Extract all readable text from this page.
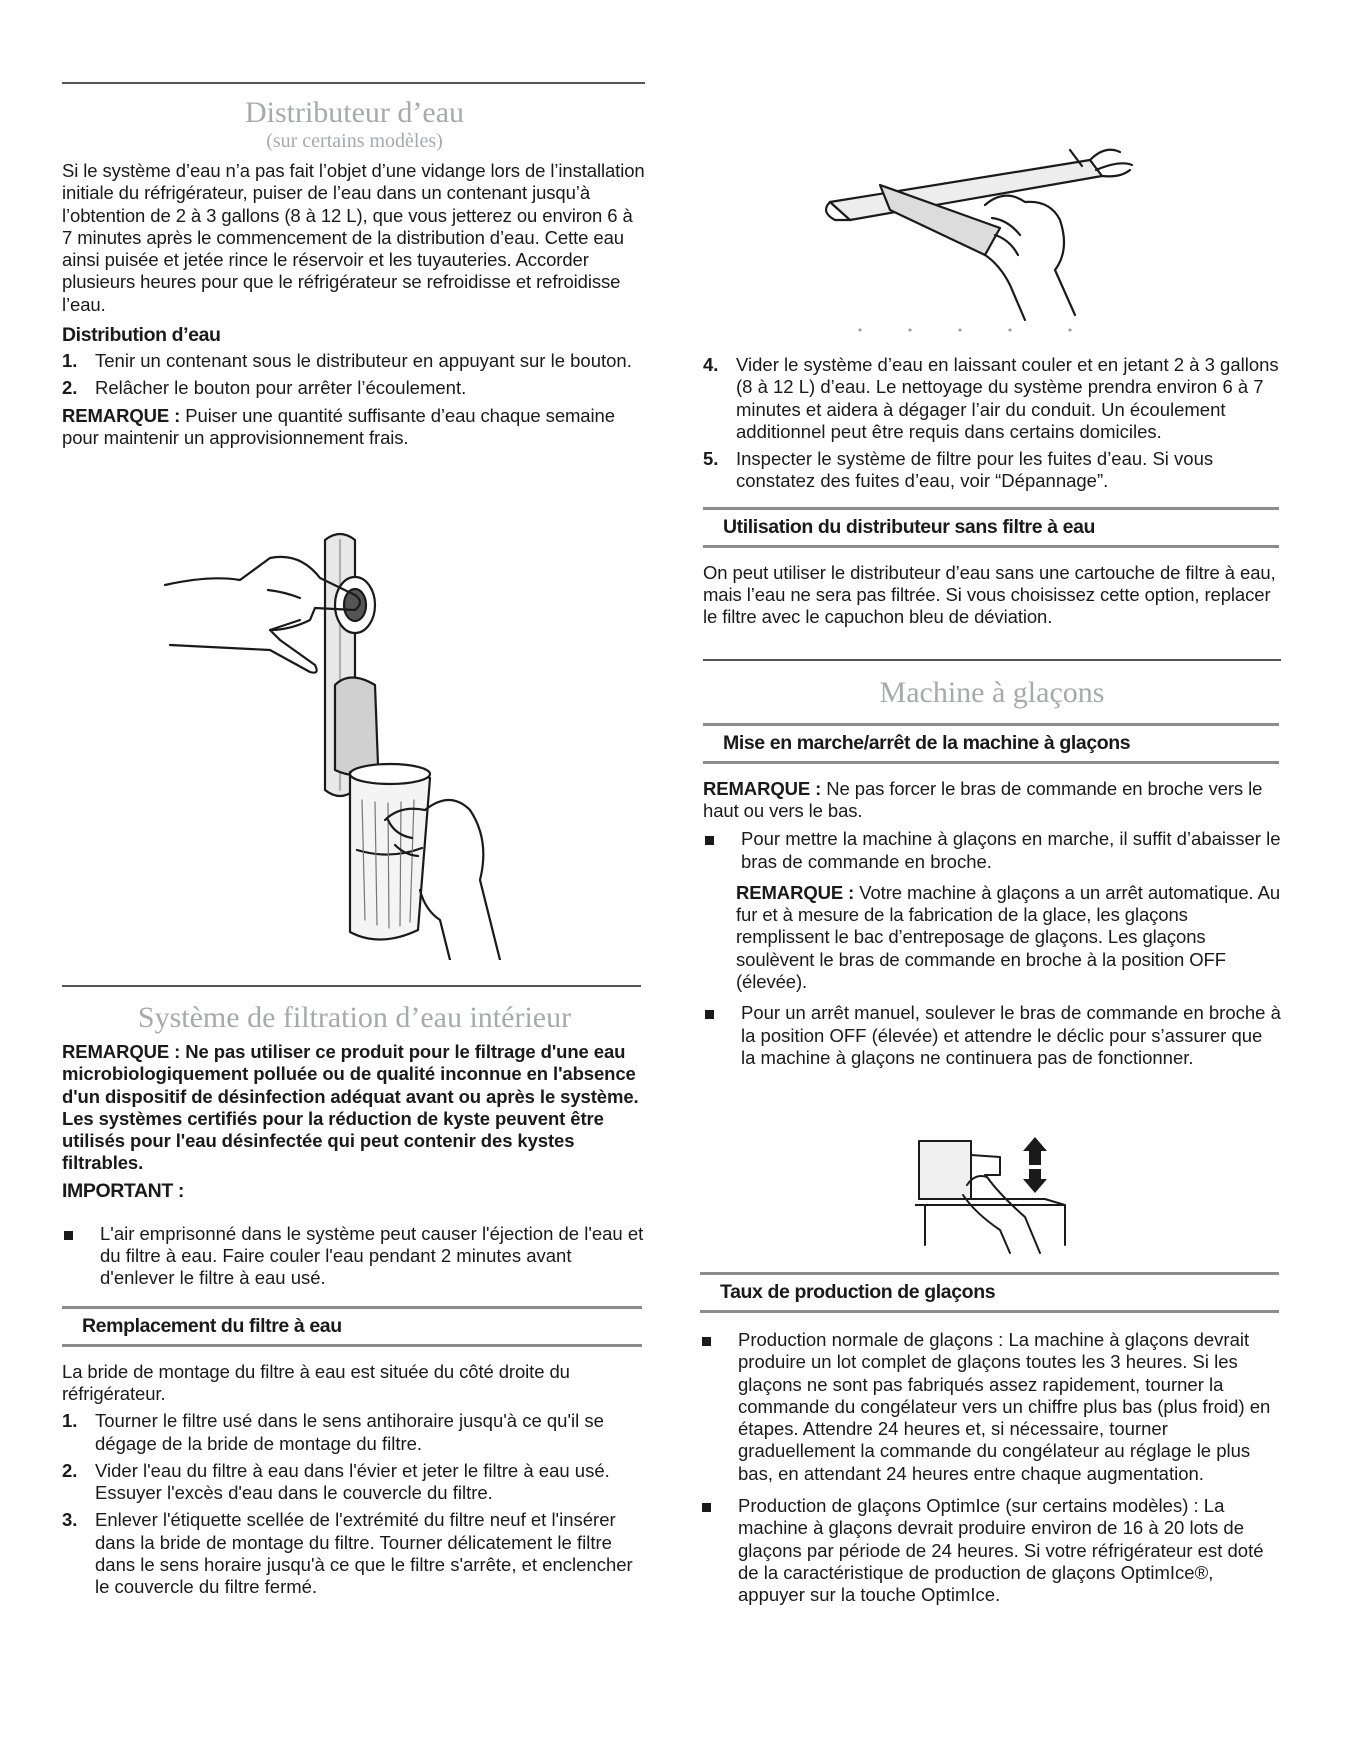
Distributeur d’eau
(sur certains modèles)

Si le système d’eau n’a pas fait l’objet d’une vidange lors de l’installation initiale du réfrigérateur, puiser de l’eau dans un contenant jusqu’à l’obtention de 2 à 3 gallons (8 à 12 L), que vous jetterez ou environ 6 à 7 minutes après le commencement de la distribution d’eau. Cette eau ainsi puisée et jetée rince le réservoir et les tuyauteries. Accorder plusieurs heures pour que le réfrigérateur se refroidisse et refroidisse l’eau.

Distribution d’eau
1. Tenir un contenant sous le distributeur en appuyant sur le bouton.
2. Relâcher le bouton pour arrêter l’écoulement.

REMARQUE : Puiser une quantité suffisante d’eau chaque semaine pour maintenir un approvisionnement frais.

Système de filtration d’eau intérieur

REMARQUE : Ne pas utiliser ce produit pour le filtrage d'une eau microbiologiquement polluée ou de qualité inconnue en l'absence d'un dispositif de désinfection adéquat avant ou après le système. Les systèmes certifiés pour la réduction de kyste peuvent être utilisés pour l'eau désinfectée qui peut contenir des kystes filtrables.

IMPORTANT :
L'air emprisonné dans le système peut causer l'éjection de l'eau et du filtre à eau. Faire couler l'eau pendant 2 minutes avant d'enlever le filtre à eau usé.
Remplacement du filtre à eau

La bride de montage du filtre à eau est située du côté droite du réfrigérateur.

1. Tourner le filtre usé dans le sens antihoraire jusqu'à ce qu'il se dégage de la bride de montage du filtre.
2. Vider l'eau du filtre à eau dans l'évier et jeter le filtre à eau usé. Essuyer l'excès d'eau dans le couvercle du filtre.
3. Enlever l'étiquette scellée de l'extrémité du filtre neuf et l'insérer dans la bride de montage du filtre. Tourner délicatement le filtre dans le sens horaire jusqu'à ce que le filtre s'arrête, et enclencher le couvercle du filtre fermé.
4. Vider le système d’eau en laissant couler et en jetant 2 à 3 gallons (8 à 12 L) d’eau. Le nettoyage du système prendra environ 6 à 7 minutes et aidera à dégager l’air du conduit. Un écoulement additionnel peut être requis dans certains domiciles.
5. Inspecter le système de filtre pour les fuites d’eau. Si vous constatez des fuites d’eau, voir “Dépannage”.
Utilisation du distributeur sans filtre à eau

On peut utiliser le distributeur d’eau sans une cartouche de filtre à eau, mais l’eau ne sera pas filtrée. Si vous choisissez cette option, replacer le filtre avec le capuchon bleu de déviation.

Machine à glaçons
Mise en marche/arrêt de la machine à glaçons

REMARQUE : Ne pas forcer le bras de commande en broche vers le haut ou vers le bas.

Pour mettre la machine à glaçons en marche, il suffit d’abaisser le bras de commande en broche.

REMARQUE : Votre machine à glaçons a un arrêt automatique. Au fur et à mesure de la fabrication de la glace, les glaçons remplissent le bac d’entreposage de glaçons. Les glaçons soulèvent le bras de commande en broche à la position OFF (élevée).

Pour un arrêt manuel, soulever le bras de commande en broche à la position OFF (élevée) et attendre le déclic pour s’assurer que la machine à glaçons ne continuera pas de fonctionner.
Taux de production de glaçons
Production normale de glaçons : La machine à glaçons devrait produire un lot complet de glaçons toutes les 3 heures. Si les glaçons ne sont pas fabriqués assez rapidement, tourner la commande du congélateur vers un chiffre plus bas (plus froid) en étapes. Attendre 24 heures et, si nécessaire, tourner graduellement la commande du congélateur au réglage le plus bas, en attendant 24 heures entre chaque augmentation.
Production de glaçons OptimIce (sur certains modèles) : La machine à glaçons devrait produire environ de 16 à 20 lots de glaçons par période de 24 heures. Si votre réfrigérateur est doté de la caractéristique de production de glaçons OptimIce®, appuyer sur la touche OptimIce.
